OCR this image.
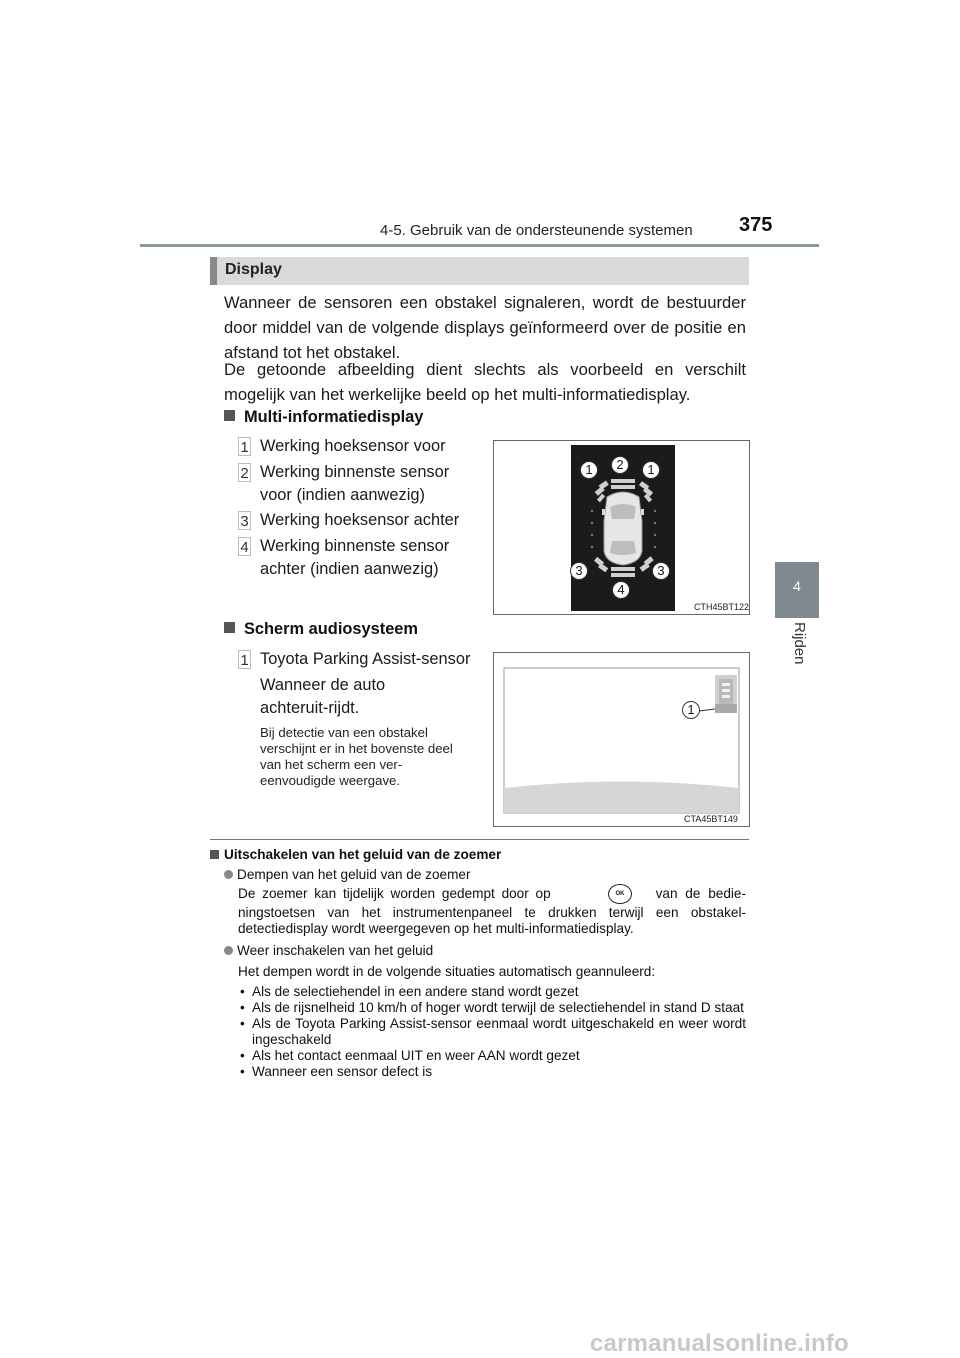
4-5. Gebruik van de ondersteunende systemen 375
4
Rijden
Display
Wanneer de sensoren een obstakel signaleren, wordt de bestuurder door middel van de volgende displays geïnformeerd over de positie en afstand tot het obstakel.
De getoonde afbeelding dient slechts als voorbeeld en verschilt mogelijk van het werkelijke beeld op het multi-informatiedisplay.
Multi-informatiedisplay
1 Werking hoeksensor voor
2 Werking binnenste sensor voor (indien aanwezig)
3 Werking hoeksensor achter
4 Werking binnenste sensor achter (indien aanwezig)
1	2	1
3	3
4
CTH45BT122
Scherm audiosysteem
1 Toyota Parking Assist-sensor
Wanneer de auto achteruit-rijdt.
Bij detectie van een obstakel verschijnt er in het bovenste deel van het scherm een ver-eenvoudigde weergave.
1
CTA45BT149
Uitschakelen van het geluid van de zoemer
Dempen van het geluid van de zoemer
De zoemer kan tijdelijk worden gedempt door op	OK	van de bedie-
ningstoetsen van het instrumentenpaneel te drukken terwijl een obstakel-detectiedisplay wordt weergegeven op het multi-informatiedisplay.
Weer inschakelen van het geluid
Het dempen wordt in de volgende situaties automatisch geannuleerd:
• Als de selectiehendel in een andere stand wordt gezet
• Als de rijsnelheid 10 km/h of hoger wordt terwijl de selectiehendel in stand D staat
• Als de Toyota Parking Assist-sensor eenmaal wordt uitgeschakeld en weer wordt ingeschakeld
• Als het contact eenmaal UIT en weer AAN wordt gezet
• Wanneer een sensor defect is
carmanualsonline.info
